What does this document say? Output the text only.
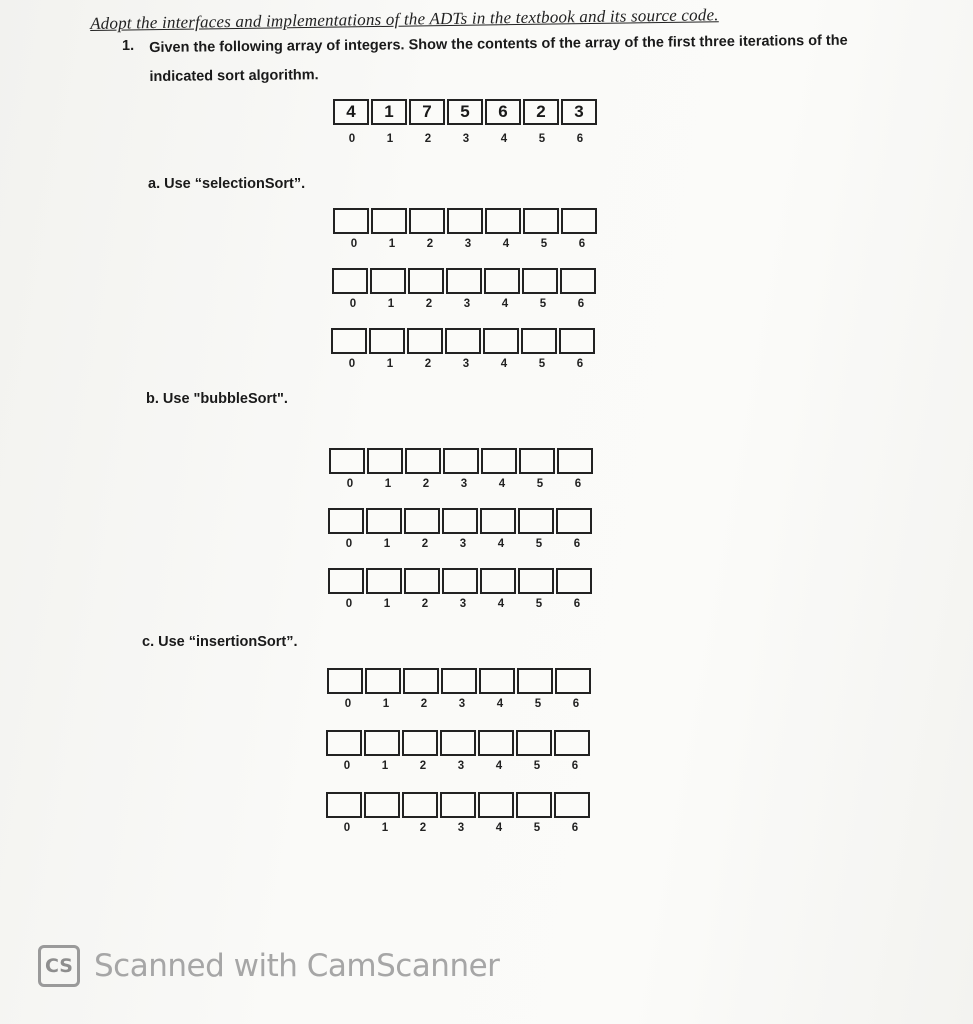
Adopt the interfaces and implementations of the ADTs in the textbook and its source code.
1. Given the following array of integers. Show the contents of the array of the first three iterations of the indicated sort algorithm.
4	1	7	5	6	2	3
0	1	2	3	4	5	6
a. Use “selectionSort”.
b. Use "bubbleSort".
c. Use “insertionSort”.
0	1	2	3	4	5	6
0	1	2	3	4	5	6
0	1	2	3	4	5	6
0	1	2	3	4	5	6
0	1	2	3	4	5	6
0	1	2	3	4	5	6
0	1	2	3	4	5	6
0	1	2	3	4	5	6
0	1	2	3	4	5	6
CS Scanned with CamScanner
